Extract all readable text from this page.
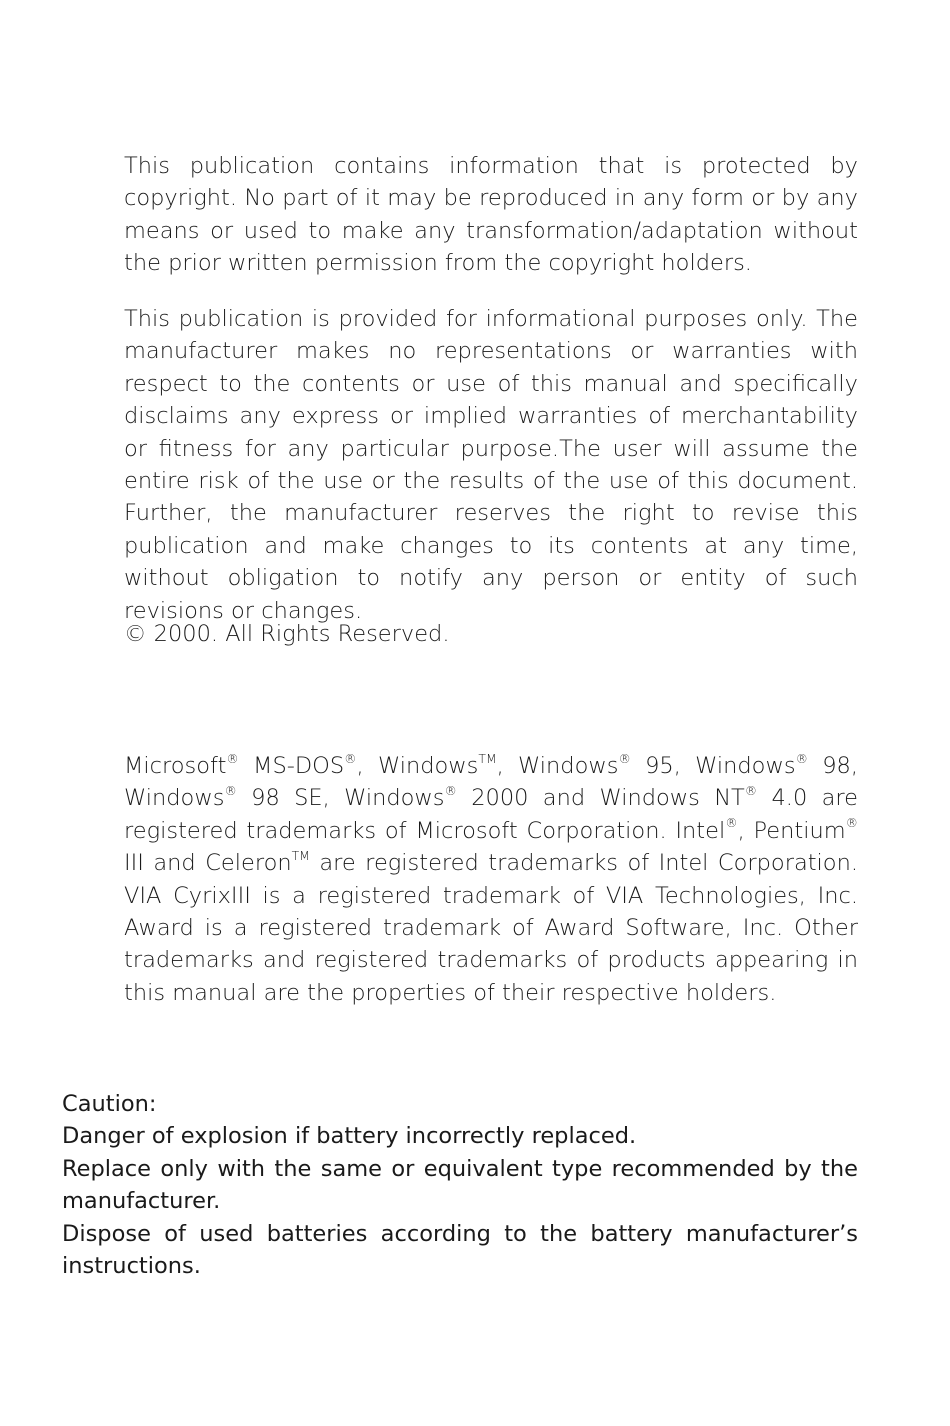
This publication contains information that is protected by copyright. No part of it may be reproduced in any form or by any means or used to make any transformation/adaptation without the prior written permission from the copyright holders.
This publication is provided for informational purposes only. The manufacturer makes no representations or warranties with respect to the contents or use of this manual and specifically disclaims any express or implied warranties of merchantability or fitness for any particular purpose.The user will assume the entire risk of the use or the results of the use of this document. Further, the manufacturer reserves the right to revise this publication and make changes to its contents at any time, without obligation to notify any person or entity of such revisions or changes.
© 2000. All Rights Reserved.
Microsoft® MS-DOS®, Windows™, Windows® 95, Windows® 98, Windows® 98 SE, Windows® 2000 and Windows NT® 4.0 are registered trademarks of Microsoft Corporation. Intel®, Pentium® III and Celeron™ are registered trademarks of Intel Corporation. VIA CyrixIII is a registered trademark of VIA Technologies, Inc. Award is a registered trademark of Award Software, Inc. Other trademarks and registered trademarks of products appearing in this manual are the properties of their respective holders.
Caution:
Danger of explosion if battery incorrectly replaced.
Replace only with the same or equivalent type recommended by the manufacturer.
Dispose of used batteries according to the battery manufacturer’s instructions.
